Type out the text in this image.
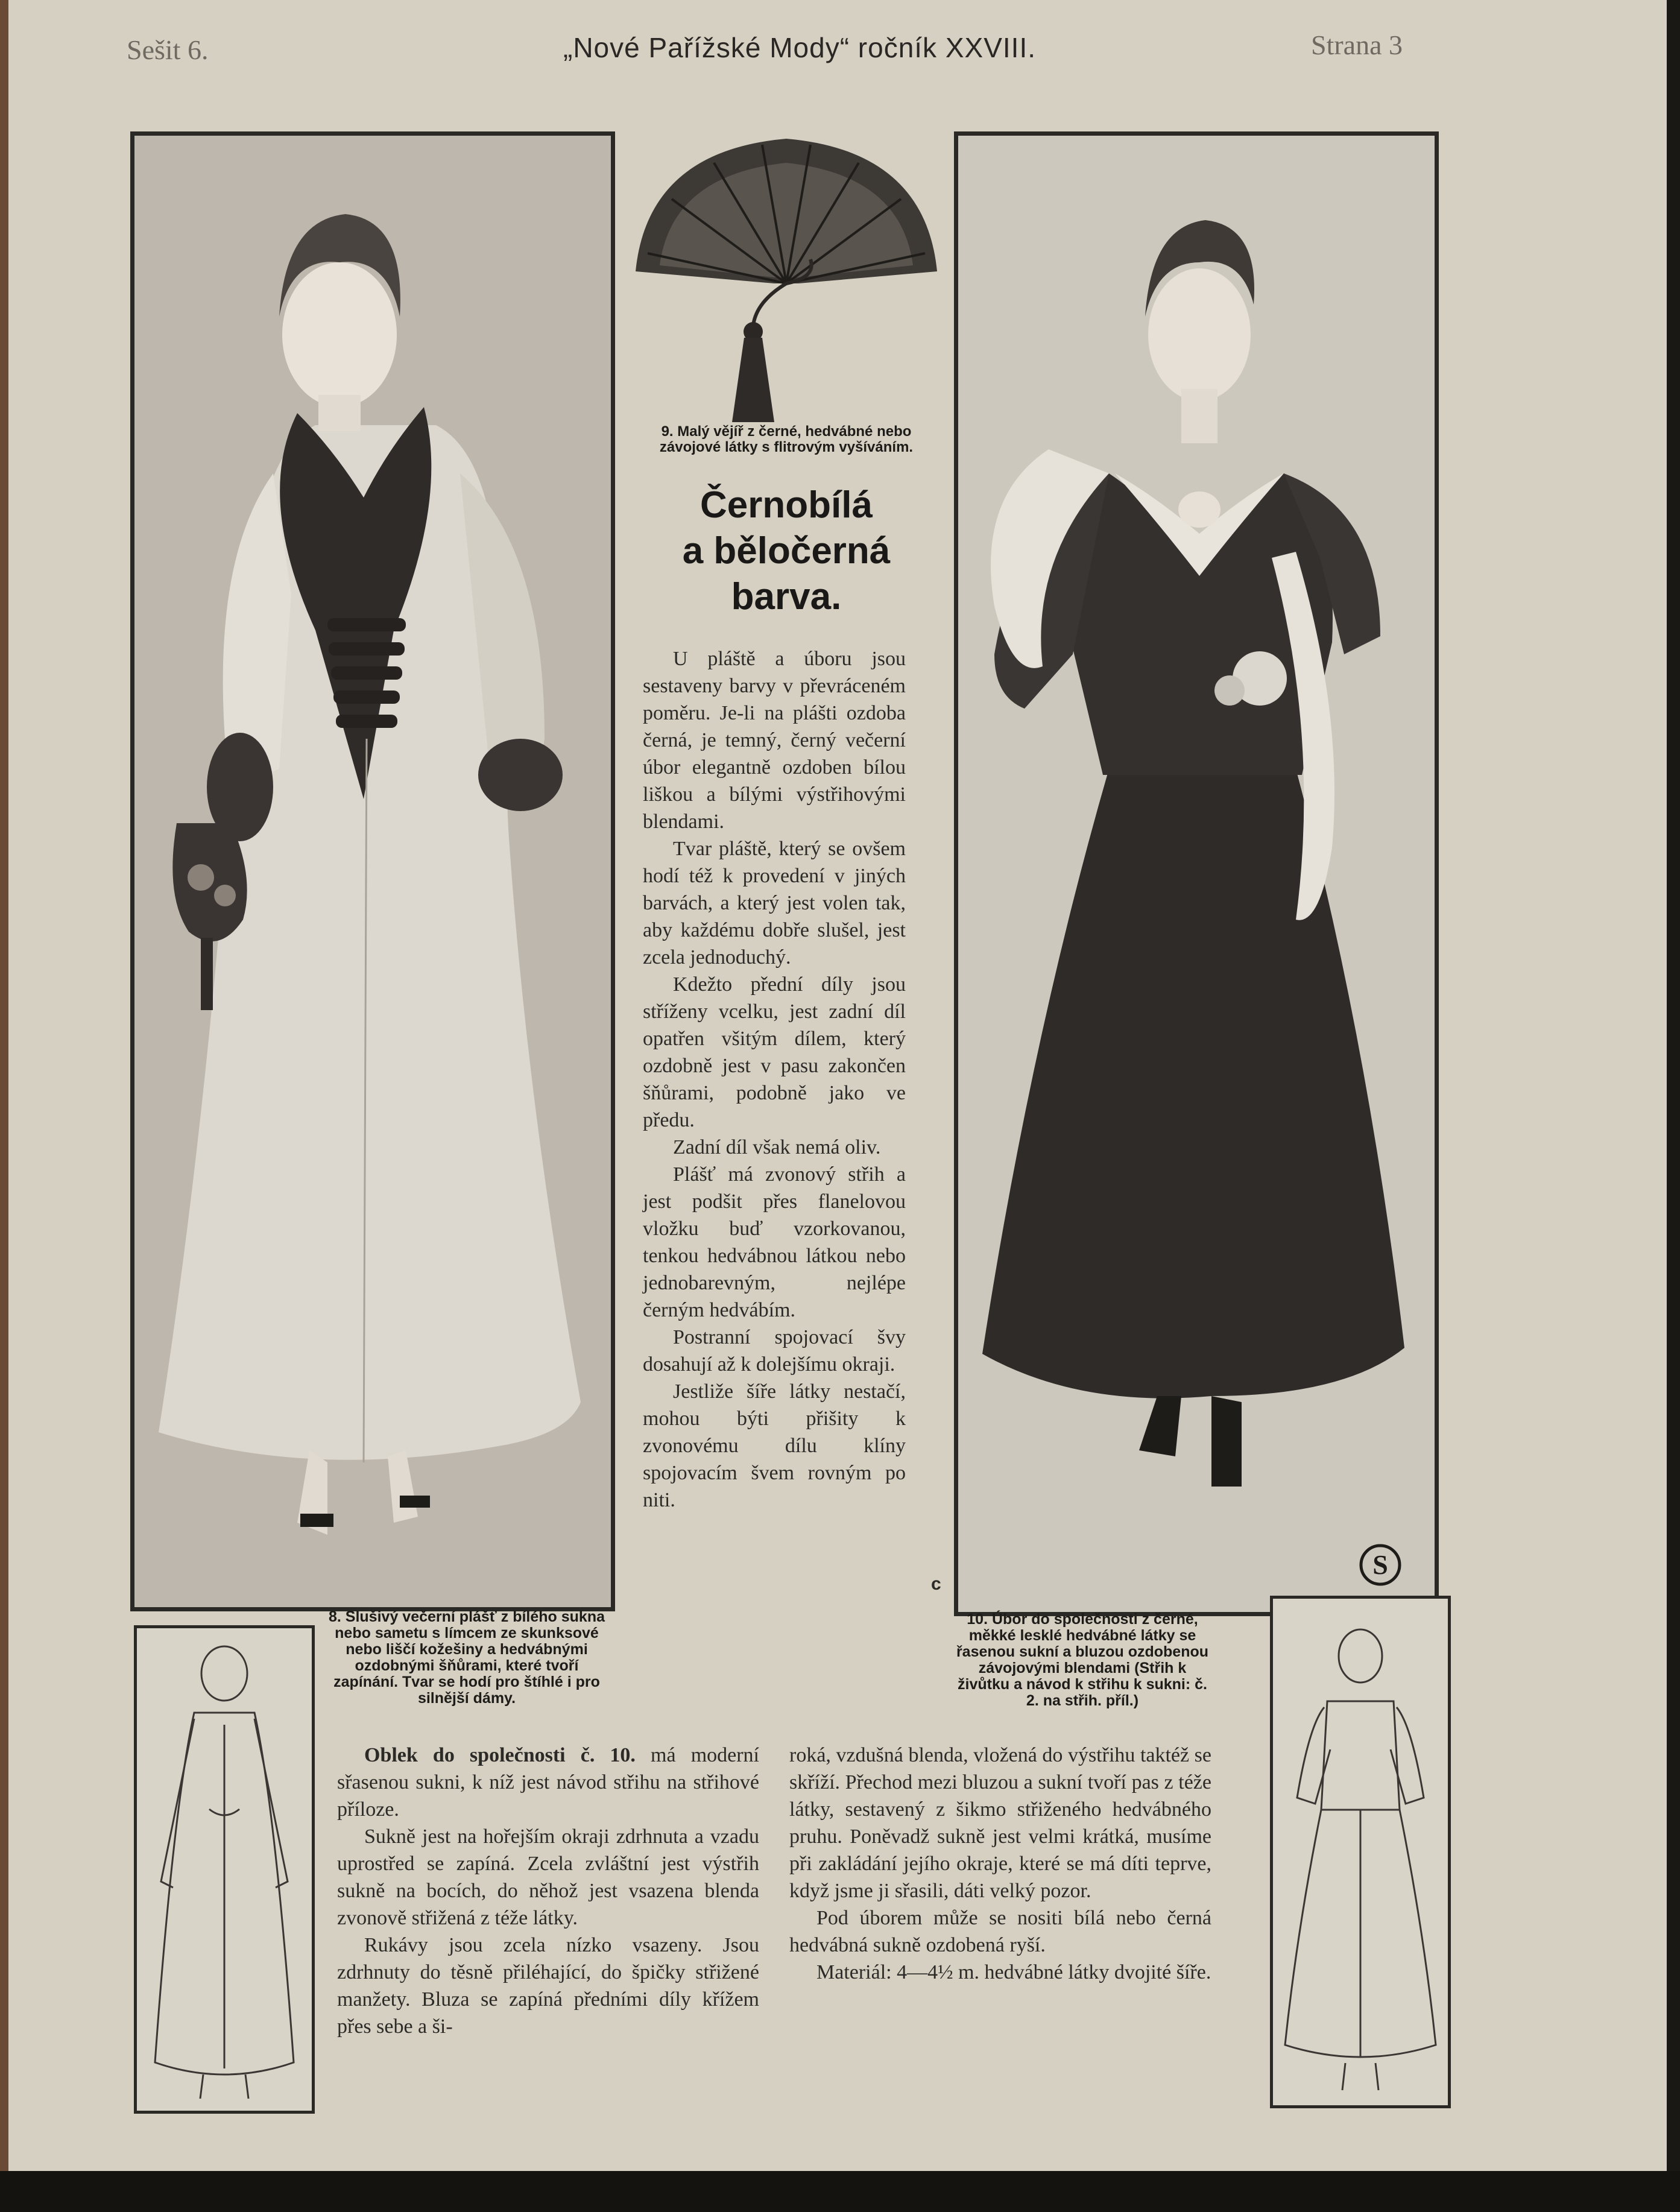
Sešit 6.	„Nové Pařížské Mody“ ročník XXVIII.	Strana 3
8. Slušivý večerní plášť z bílého sukna nebo sametu s límcem ze skunksové nebo liščí kožešiny a hedvábnými ozdobnými šňůrami, které tvoří zapínání. Tvar se hodí pro štíhlé i pro silnější dámy.
9. Malý vějíř z černé, hedvábné nebo závojové látky s flitrovým vyšíváním.
Černobílá
a běločerná
barva.

U pláště a úboru jsou sestaveny barvy v převráceném poměru. Je-li na plášti ozdoba černá, je temný, černý večerní úbor elegantně ozdoben bílou liškou a bílými výstřihovými blendami.

Tvar pláště, který se ovšem hodí též k provedení v jiných barvách, a který jest volen tak, aby každému dobře slušel, jest zcela jednoduchý.

Kdežto přední díly jsou stříženy vcelku, jest zadní díl opatřen všitým dílem, který ozdobně jest v pasu zakončen šňůrami, podobně jako ve předu.

Zadní díl však nemá oliv.

Plášť má zvonový střih a jest podšit přes flanelovou vložku buď vzorkovanou, tenkou hedvábnou látkou nebo jednobarevným, nejlépe černým hedvábím.

Postranní spojovací švy dosahují až k dolejšímu okraji.

Jestliže šíře látky nestačí, mohou býti přišity k zvonovému dílu klíny spojovacím švem rovným po niti.

c
S
10. Úbor do společnosti z černé, měkké lesklé hedvábné látky se řasenou sukní a bluzou ozdobenou závojovými blendami (Střih k živůtku a návod k střihu k sukni: č. 2. na střih. příl.)

Oblek do společnosti č. 10. má moderní sřasenou sukni, k níž jest návod střihu na střihové příloze.

Sukně jest na hořejším okraji zdrhnuta a vzadu uprostřed se zapíná. Zcela zvláštní jest výstřih sukně na bocích, do něhož jest vsazena blenda zvonově střižená z téže látky.

Rukávy jsou zcela nízko vsazeny. Jsou zdrhnuty do těsně přiléhající, do špičky střižené manžety. Bluza se zapíná předními díly křížem přes sebe a ši-

roká, vzdušná blenda, vložená do výstřihu taktéž se skříží. Přechod mezi bluzou a sukní tvoří pas z téže látky, sestavený z šikmo střiženého hedvábného pruhu. Poněvadž sukně jest velmi krátká, musíme při zakládání jejího okraje, které se má díti teprve, když jsme ji sřasili, dáti velký pozor.

Pod úborem může se nositi bílá nebo černá hedvábná sukně ozdobená ryší.

Materiál: 4—4½ m. hedvábné látky dvojité šíře.
